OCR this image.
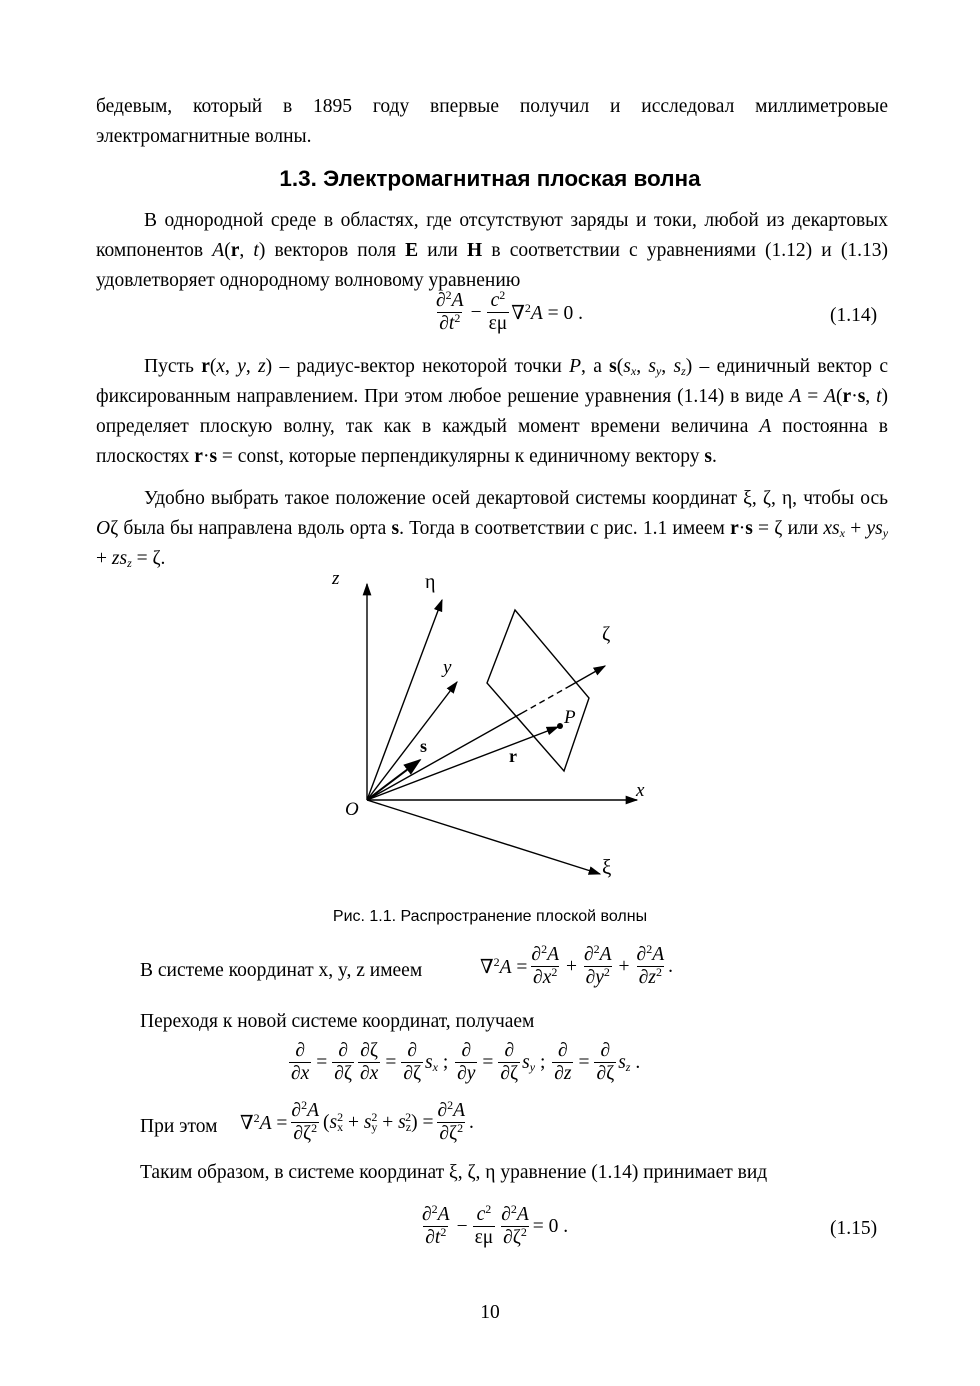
бедевым, который в 1895 году впервые получил и исследовал миллиметровые
электромагнитные волны.
1.3. Электромагнитная плоская волна
В однородной среде в областях, где отсутствуют заряды и токи, любой из декартовых компонентов A(r, t) векторов поля E или H в соответствии с уравнениями (1.12) и (1.13) удовлетворяет однородному волновому уравнению
$\frac{\partial^2A}{\partial t^2} - \frac{c^2}{\varepsilon\mu} \nabla^2A = 0$ .	(1.14)
Пусть r(x, y, z) – радиус-вектор некоторой точки P, а $s(s_x$, $s_y$, $s_z$) – единичный вектор с фиксированным направлением. При этом любое решение уравнения (1.14) в виде A = A(r·s, t) определяет плоскую волну, так как в каждый момент времени величина A постоянна в плоскостях r·s = const, которые перпендикулярны к единичному вектору s.
Удобно выбрать такое положение осей декартовой системы координат ξ, ζ, η, чтобы ось Oζ была бы направлена вдоль орта s. Тогда в соответствии с рис. 1.1 имеем r·s = ζ или $xs_x + ys_y + zs_z = \zeta$.
z	η
ζ
y
P
s	r
x
O
ξ
Рис. 1.1. Распространение плоской волны
В системе координат x, y, z имеем	$\nabla^2A = \frac{\partial^2A}{\partial x^2} + \frac{\partial^2A}{\partial y^2} + \frac{\partial^2A}{\partial z^2}$ .
Переходя к новой системе координат, получаем
$\frac{\partial}{\partial x} = \frac{\partial}{\partial\zeta} \frac{\partial\zeta}{\partial x} = \frac{\partial}{\partial\zeta} s_x$ ; $\frac{\partial}{\partial y} = \frac{\partial}{\partial\zeta} s_y$ ; $\frac{\partial}{\partial z} = \frac{\partial}{\partial\zeta} s_z$ .
При этом $\nabla^2A = \frac{\partial^2A}{\partial\zeta^2} (s_x^2 + s_y^2 + s_z^2) = \frac{\partial^2A}{\partial\zeta^2}$ .
Таким образом, в системе координат ξ, ζ, η уравнение (1.14) принимает вид
$\frac{\partial^2A}{\partial t^2} - \frac{c^2}{\varepsilon\mu} \frac{\partial^2A}{\partial\zeta^2} = 0$ .	(1.15)
10
